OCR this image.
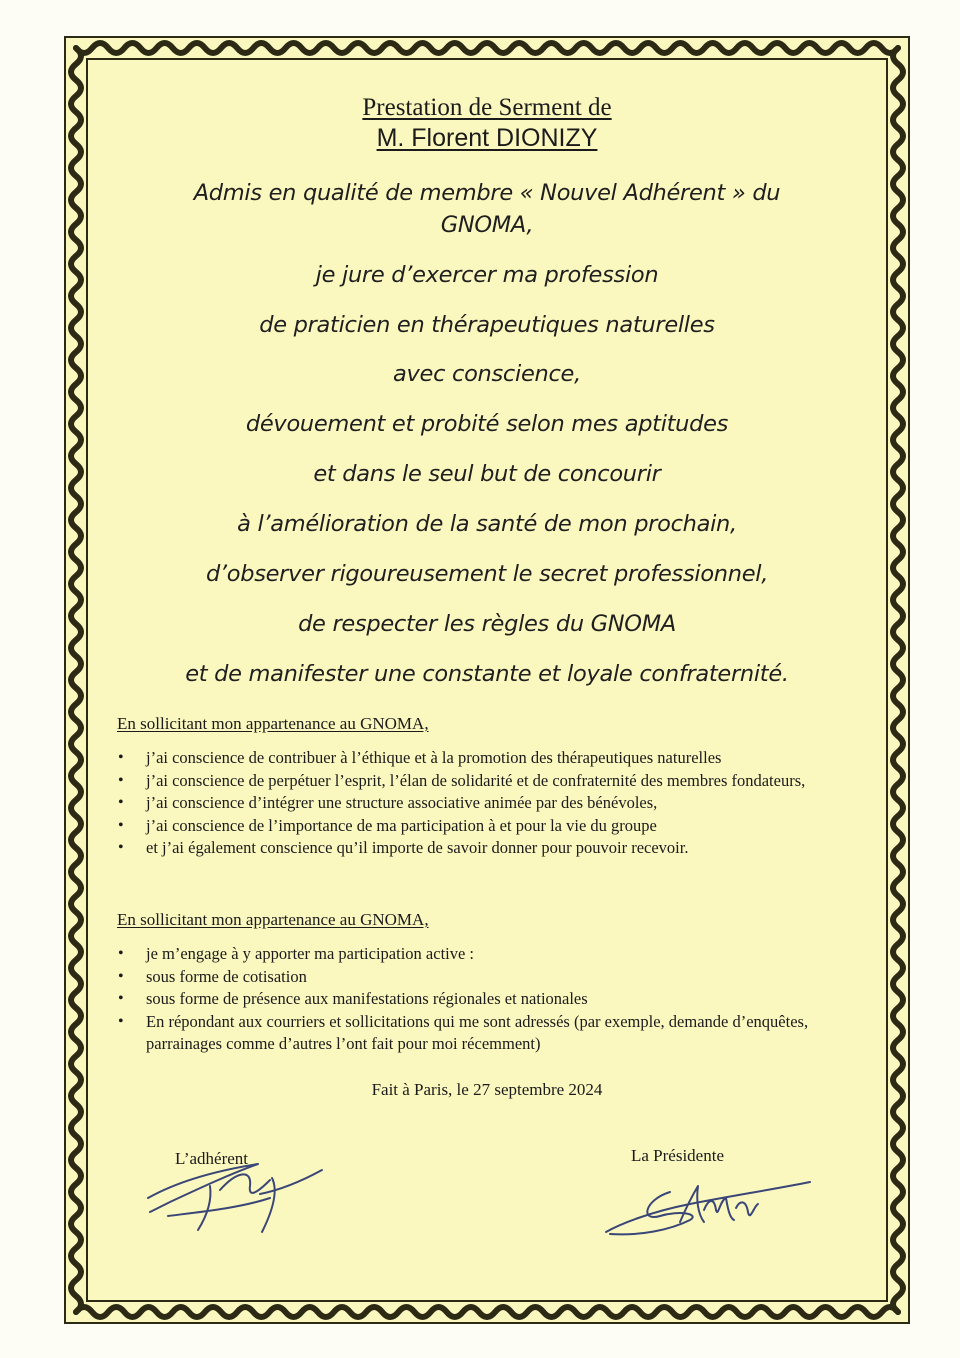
Prestation de Serment de
M. Florent DIONIZY
Admis en qualité de membre « Nouvel Adhérent » du
GNOMA,
je jure d’exercer ma profession
de praticien en thérapeutiques naturelles
avec conscience,
dévouement et probité selon mes aptitudes
et dans le seul but de concourir
à l’amélioration de la santé de mon prochain,
d’observer rigoureusement le secret professionnel,
de respecter les règles du GNOMA
et de manifester une constante et loyale confraternité.
En sollicitant mon appartenance au GNOMA,
• j’ai conscience de contribuer à l’éthique et à la promotion des thérapeutiques naturelles
• j’ai conscience de perpétuer l’esprit, l’élan de solidarité et de confraternité des membres fondateurs,
• j’ai conscience d’intégrer une structure associative animée par des bénévoles,
• j’ai conscience de l’importance de ma participation à et pour la vie du groupe
• et j’ai également conscience qu’il importe de savoir donner pour pouvoir recevoir.
En sollicitant mon appartenance au GNOMA,
• je m’engage à y apporter ma participation active :
• sous forme de cotisation
• sous forme de présence aux manifestations régionales et nationales
• En répondant aux courriers et sollicitations qui me sont adressés (par exemple, demande d’enquêtes, parrainages comme d’autres l’ont fait pour moi récemment)
Fait à Paris, le 27 septembre 2024
L’adhérent	La Présidente
